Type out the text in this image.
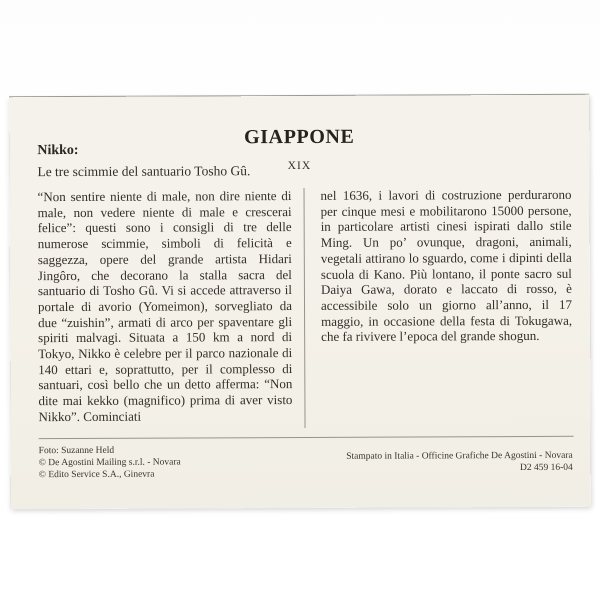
GIAPPONE
Nikko:
Le tre scimmie del santuario Tosho Gû.	XIX
“Non sentire niente di male, non dire niente di male, non vedere niente di male e crescerai felice”: questi sono i consigli di tre delle numerose scimmie, simboli di felicità e saggezza, opere del grande artista Hidari Jingôro, che decorano la stalla sacra del santuario di Tosho Gû. Vi si accede attraverso il portale di avorio (Yomeimon), sorvegliato da due “zuishin”, armati di arco per spaventare gli spiriti malvagi. Situata a 150 km a nord di Tokyo, Nikko è celebre per il parco nazionale di 140 ettari e, soprattutto, per il complesso di santuari, così bello che un detto afferma: “Non dite mai kekko (magnifico) prima di aver visto Nikko”. Cominciati
nel 1636, i lavori di costruzione perdurarono per cinque mesi e mobilitarono 15000 persone, in particolare artisti cinesi ispirati dallo stile Ming. Un po’ ovunque, dragoni, animali, vegetali attirano lo sguardo, come i dipinti della scuola di Kano. Più lontano, il ponte sacro sul Daiya Gawa, dorato e laccato di rosso, è accessibile solo un giorno all’anno, il 17 maggio, in occasione della festa di Tokugawa, che fa rivivere l’epoca del grande shogun.
Foto: Suzanne Held
© De Agostini Mailing s.r.l. - Novara
© Edito Service S.A., Ginevra
Stampato in Italia - Officine Grafiche De Agostini - Novara
D2 459 16-04
